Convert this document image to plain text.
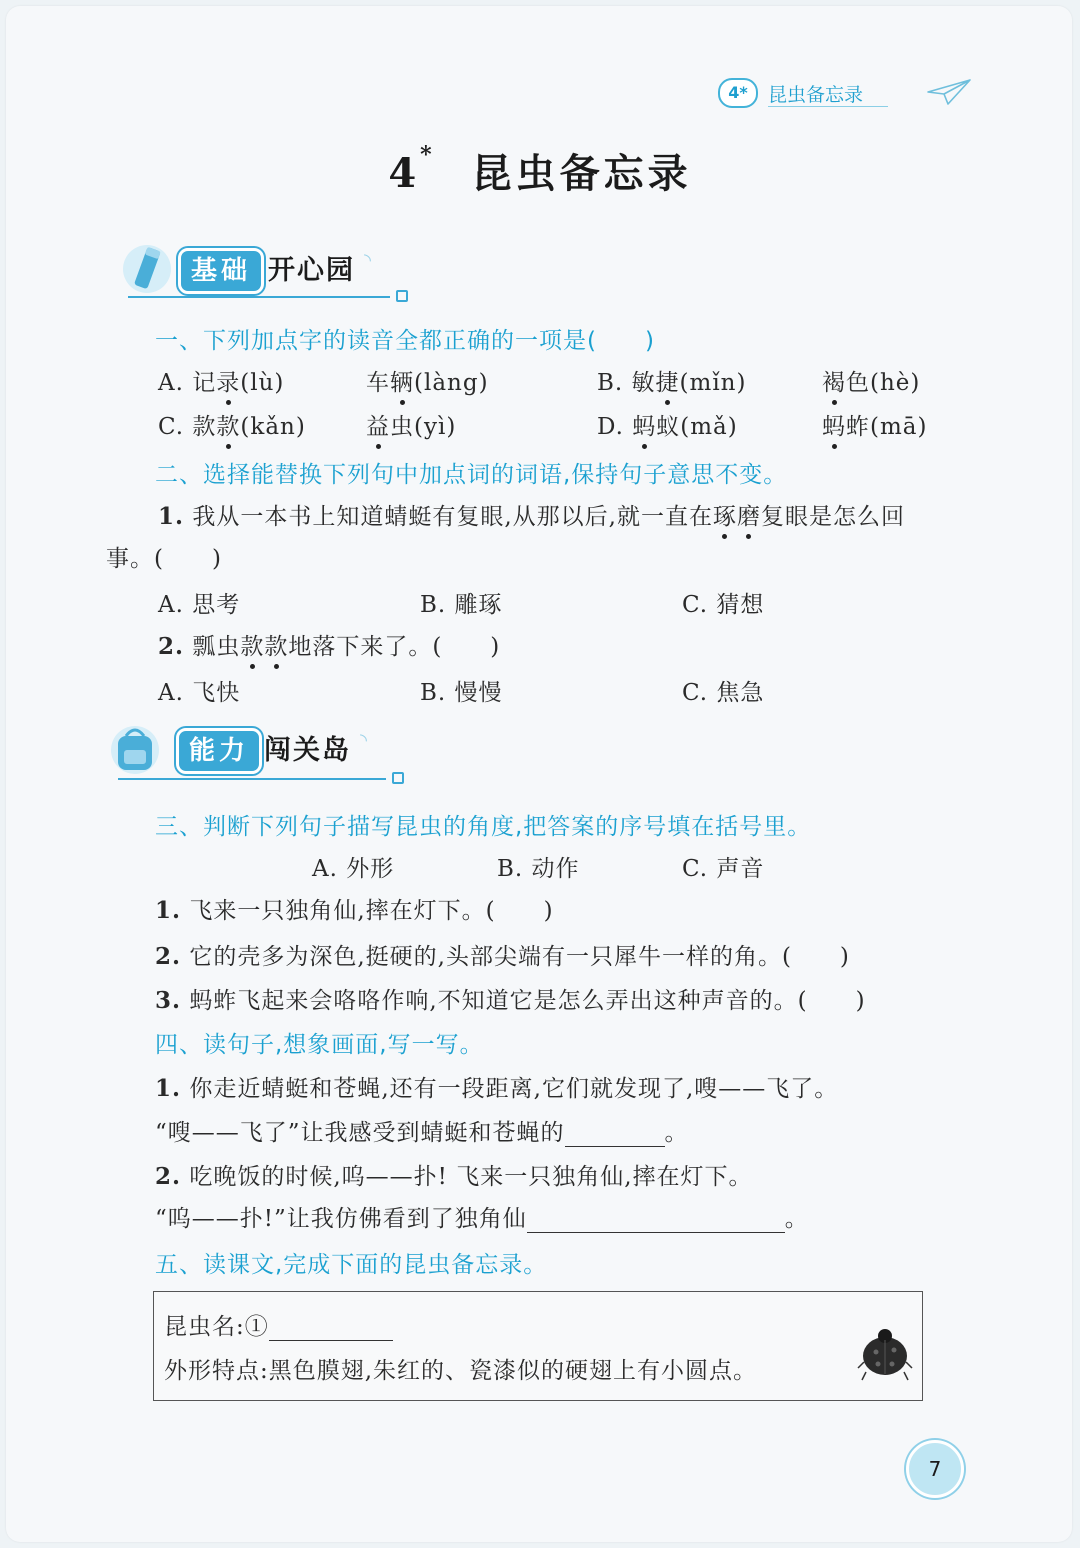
4*	昆虫备忘录
4* 昆虫备忘录
基础 开心园 ◝
一、下列加点字的读音全都正确的一项是(　　)
A. 记录(lù)	车辆(làng)	B. 敏捷(mǐn)	褐色(hè)
C. 款款(kǎn)	益虫(yì)	D. 蚂蚁(mǎ)	蚂蚱(mā)
二、选择能替换下列句中加点词的词语,保持句子意思不变。
1. 我从一本书上知道蜻蜓有复眼,从那以后,就一直在琢磨复眼是怎么回
事。(　　)
A. 思考	B. 雕琢	C. 猜想
2. 瓢虫款款地落下来了。(　　)
A. 飞快	B. 慢慢	C. 焦急
能力 闯关岛 ◝
三、判断下列句子描写昆虫的角度,把答案的序号填在括号里。
A. 外形	B. 动作	C. 声音
1. 飞来一只独角仙,摔在灯下。(　　)
2. 它的壳多为深色,挺硬的,头部尖端有一只犀牛一样的角。(　　)
3. 蚂蚱飞起来会咯咯作响,不知道它是怎么弄出这种声音的。(　　)
四、读句子,想象画面,写一写。
1. 你走近蜻蜓和苍蝇,还有一段距离,它们就发现了,嗖——飞了。
“嗖——飞了”让我感受到蜻蜓和苍蝇的	。
2. 吃晚饭的时候,呜——扑! 飞来一只独角仙,摔在灯下。
“呜——扑!”让我仿佛看到了独角仙	。
五、读课文,完成下面的昆虫备忘录。
昆虫名:①
外形特点:黑色膜翅,朱红的、瓷漆似的硬翅上有小圆点。
7
